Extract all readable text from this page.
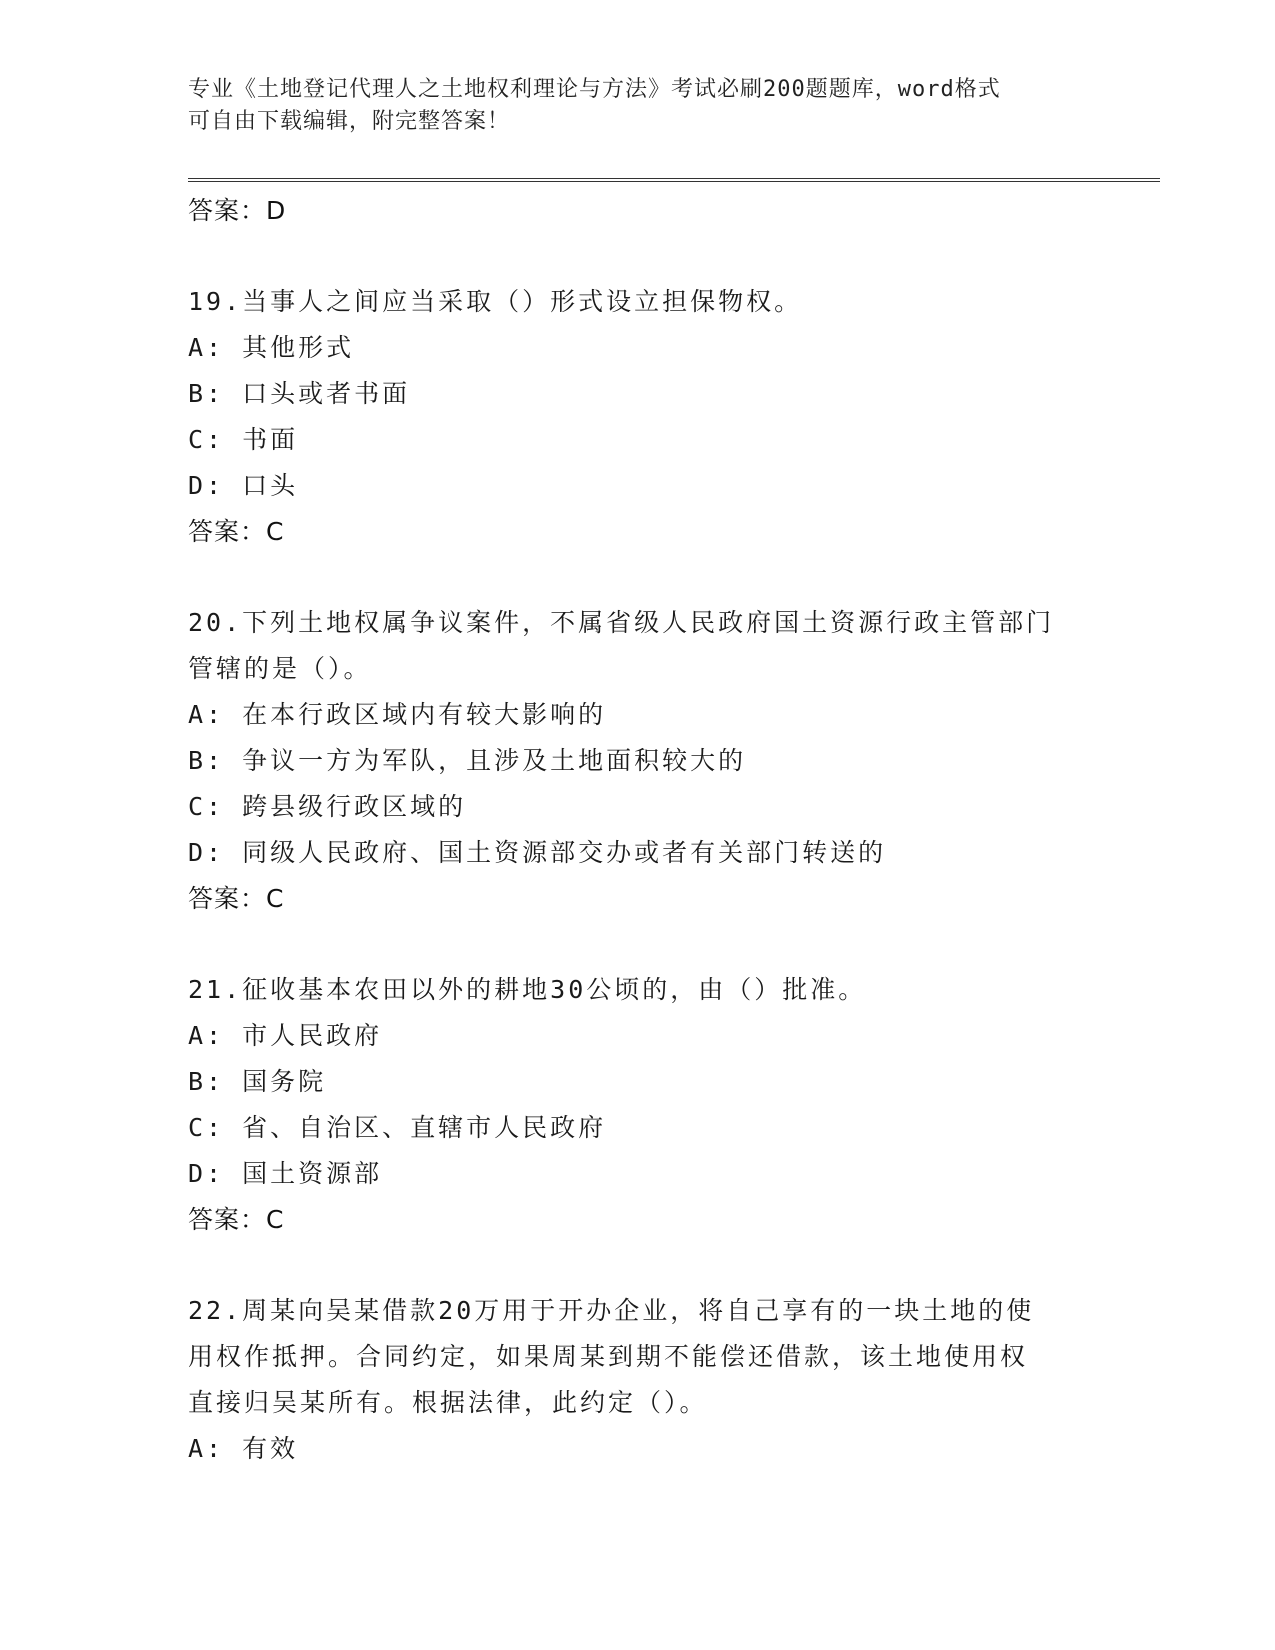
专业《土地登记代理人之土地权利理论与方法》考试必刷200题题库，word格式
可自由下载编辑，附完整答案！
答案：D
19.当事人之间应当采取（）形式设立担保物权。
A: 其他形式
B: 口头或者书面
C: 书面
D: 口头
答案：C
20.下列土地权属争议案件，不属省级人民政府国土资源行政主管部门
管辖的是（）。
A: 在本行政区域内有较大影响的
B: 争议一方为军队，且涉及土地面积较大的
C: 跨县级行政区域的
D: 同级人民政府、国土资源部交办或者有关部门转送的
答案：C
21.征收基本农田以外的耕地30公顷的，由（）批准。
A: 市人民政府
B: 国务院
C: 省、自治区、直辖市人民政府
D: 国土资源部
答案：C
22.周某向吴某借款20万用于开办企业，将自己享有的一块土地的使
用权作抵押。合同约定，如果周某到期不能偿还借款，该土地使用权
直接归吴某所有。根据法律，此约定（）。
A: 有效
